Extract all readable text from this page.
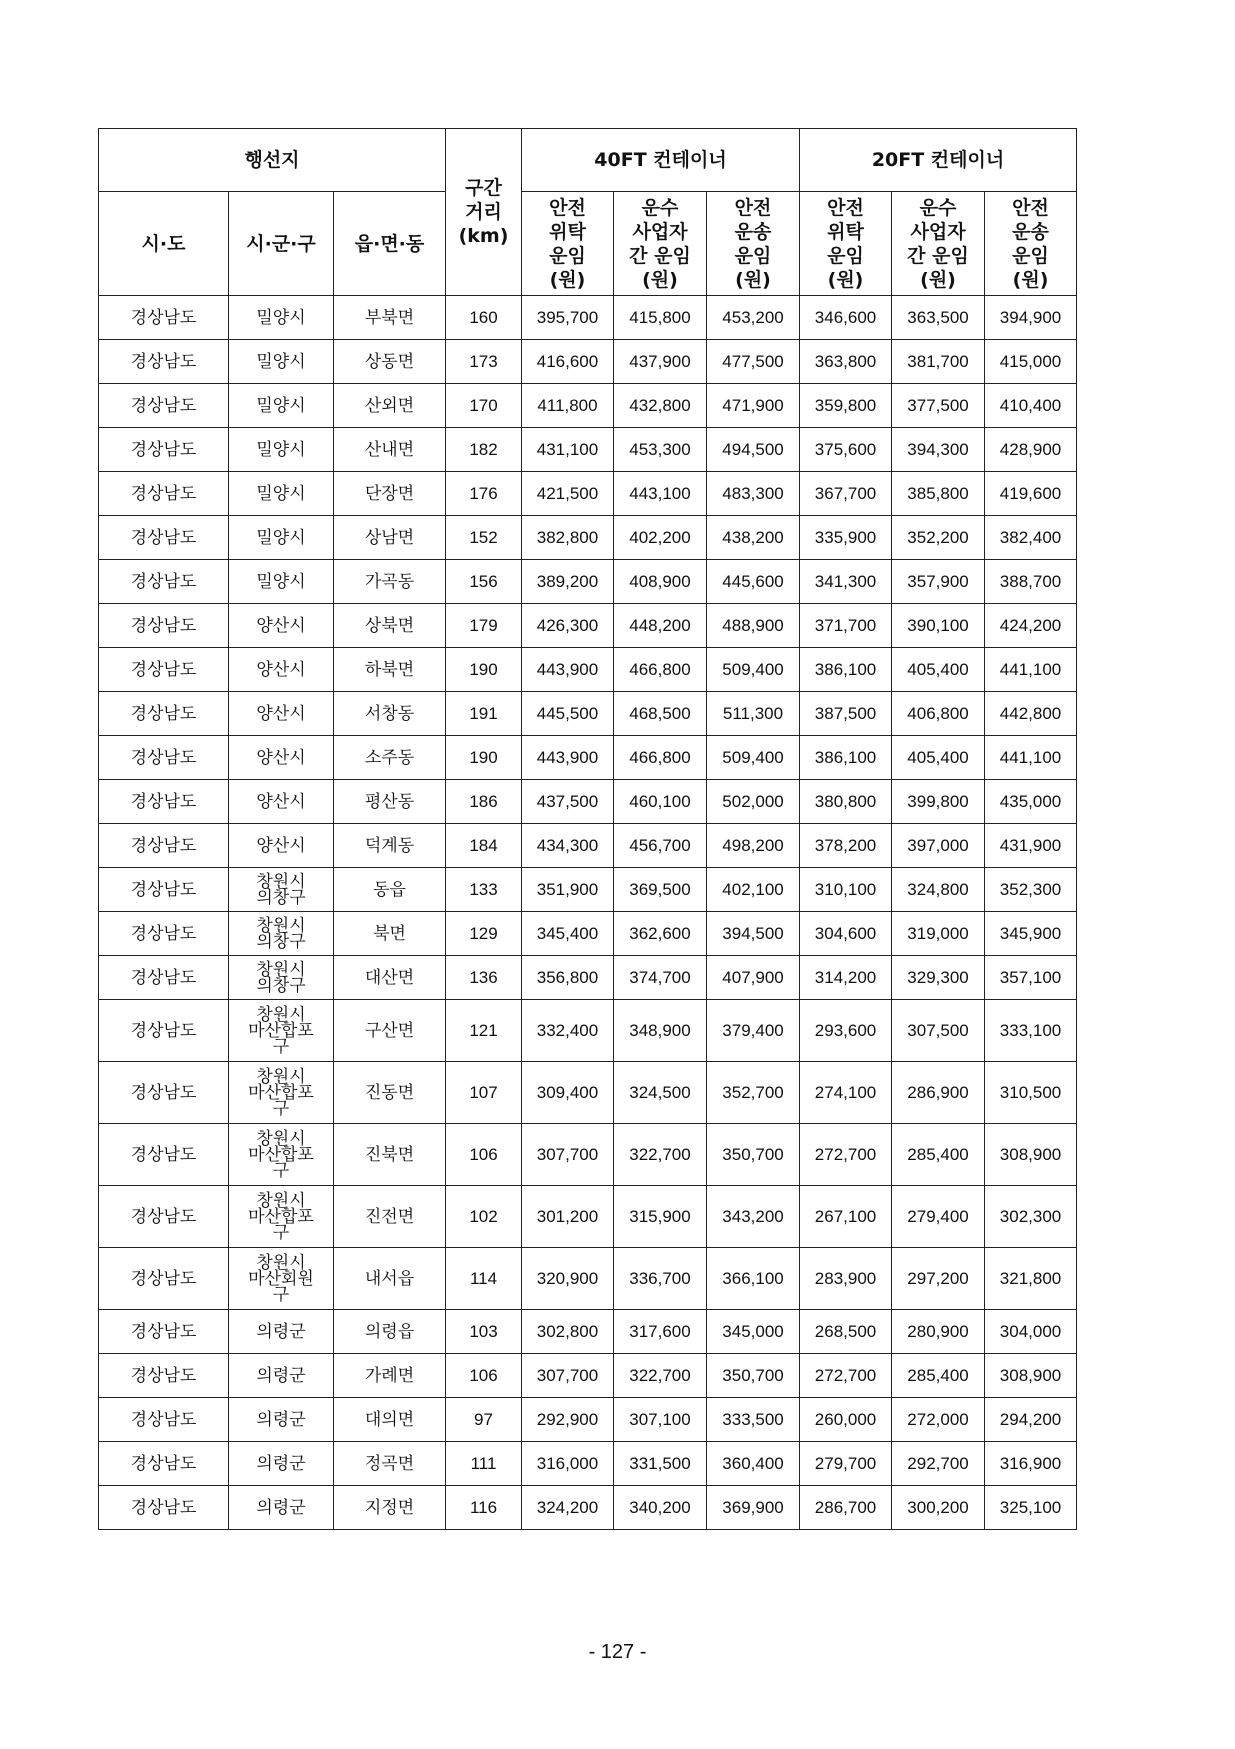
행선지			구간
거리
(km)	40FT 컨테이너			20FT 컨테이너		
시·도	시·군·구	읍·면·동		안전
위탁
운임
(원)	운수
사업자
간 운임
(원)	안전
운송
운임
(원)	안전
위탁
운임
(원)	운수
사업자
간 운임
(원)	안전
운송
운임
(원)
경상남도	밀양시	부북면	160	395,700	415,800	453,200	346,600	363,500	394,900
경상남도	밀양시	상동면	173	416,600	437,900	477,500	363,800	381,700	415,000
경상남도	밀양시	산외면	170	411,800	432,800	471,900	359,800	377,500	410,400
경상남도	밀양시	산내면	182	431,100	453,300	494,500	375,600	394,300	428,900
경상남도	밀양시	단장면	176	421,500	443,100	483,300	367,700	385,800	419,600
경상남도	밀양시	상남면	152	382,800	402,200	438,200	335,900	352,200	382,400
경상남도	밀양시	가곡동	156	389,200	408,900	445,600	341,300	357,900	388,700
경상남도	양산시	상북면	179	426,300	448,200	488,900	371,700	390,100	424,200
경상남도	양산시	하북면	190	443,900	466,800	509,400	386,100	405,400	441,100
경상남도	양산시	서창동	191	445,500	468,500	511,300	387,500	406,800	442,800
경상남도	양산시	소주동	190	443,900	466,800	509,400	386,100	405,400	441,100
경상남도	양산시	평산동	186	437,500	460,100	502,000	380,800	399,800	435,000
경상남도	양산시	덕계동	184	434,300	456,700	498,200	378,200	397,000	431,900
경상남도	창원시
의창구	동읍	133	351,900	369,500	402,100	310,100	324,800	352,300
경상남도	창원시
의창구	북면	129	345,400	362,600	394,500	304,600	319,000	345,900
경상남도	창원시
의창구	대산면	136	356,800	374,700	407,900	314,200	329,300	357,100
경상남도	창원시
마산합포
구	구산면	121	332,400	348,900	379,400	293,600	307,500	333,100
경상남도	창원시
마산합포
구	진동면	107	309,400	324,500	352,700	274,100	286,900	310,500
경상남도	창원시
마산합포
구	진북면	106	307,700	322,700	350,700	272,700	285,400	308,900
경상남도	창원시
마산합포
구	진전면	102	301,200	315,900	343,200	267,100	279,400	302,300
경상남도	창원시
마산회원
구	내서읍	114	320,900	336,700	366,100	283,900	297,200	321,800
경상남도	의령군	의령읍	103	302,800	317,600	345,000	268,500	280,900	304,000
경상남도	의령군	가례면	106	307,700	322,700	350,700	272,700	285,400	308,900
경상남도	의령군	대의면	97	292,900	307,100	333,500	260,000	272,000	294,200
경상남도	의령군	정곡면	111	316,000	331,500	360,400	279,700	292,700	316,900
경상남도	의령군	지정면	116	324,200	340,200	369,900	286,700	300,200	325,100
- 127 -
